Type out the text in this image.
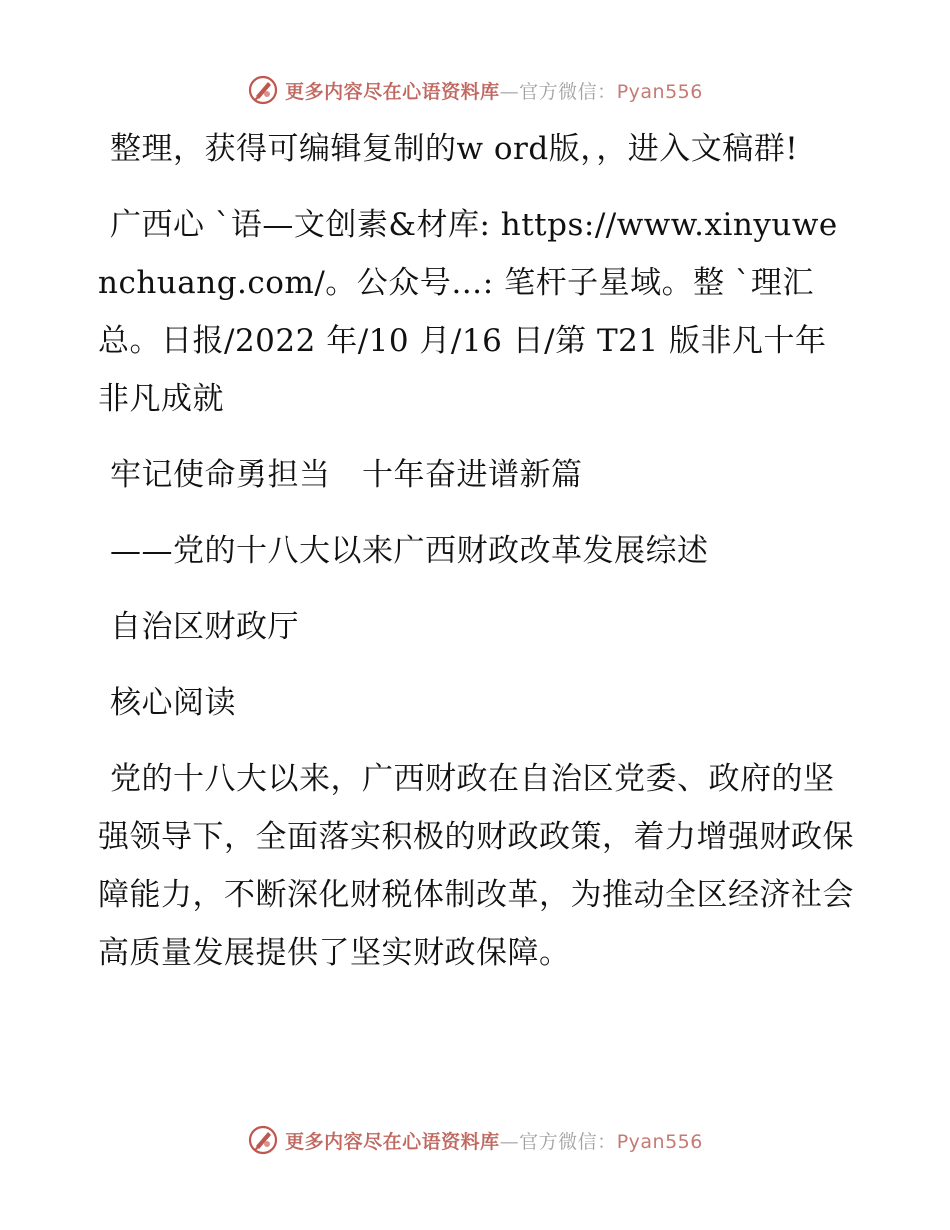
更多内容尽在心语资料库—官方微信：Pyan556

整理，获得可编辑复制的w ord版，，进入文稿群!

广西心 `语—文创素&材库: https://www.xinyuwenchuang.com/。公众号…: 笔杆子星域。整 `理汇总。日报/2022 年/10 月/16 日/第 T21 版非凡十年 非凡成就

牢记使命勇担当　十年奋进谱新篇

——党的十八大以来广西财政改革发展综述

自治区财政厅

核心阅读

党的十八大以来，广西财政在自治区党委、政府的坚强领导下，全面落实积极的财政政策，着力增强财政保障能力，不断深化财税体制改革，为推动全区经济社会高质量发展提供了坚实财政保障。

更多内容尽在心语资料库—官方微信：Pyan556
